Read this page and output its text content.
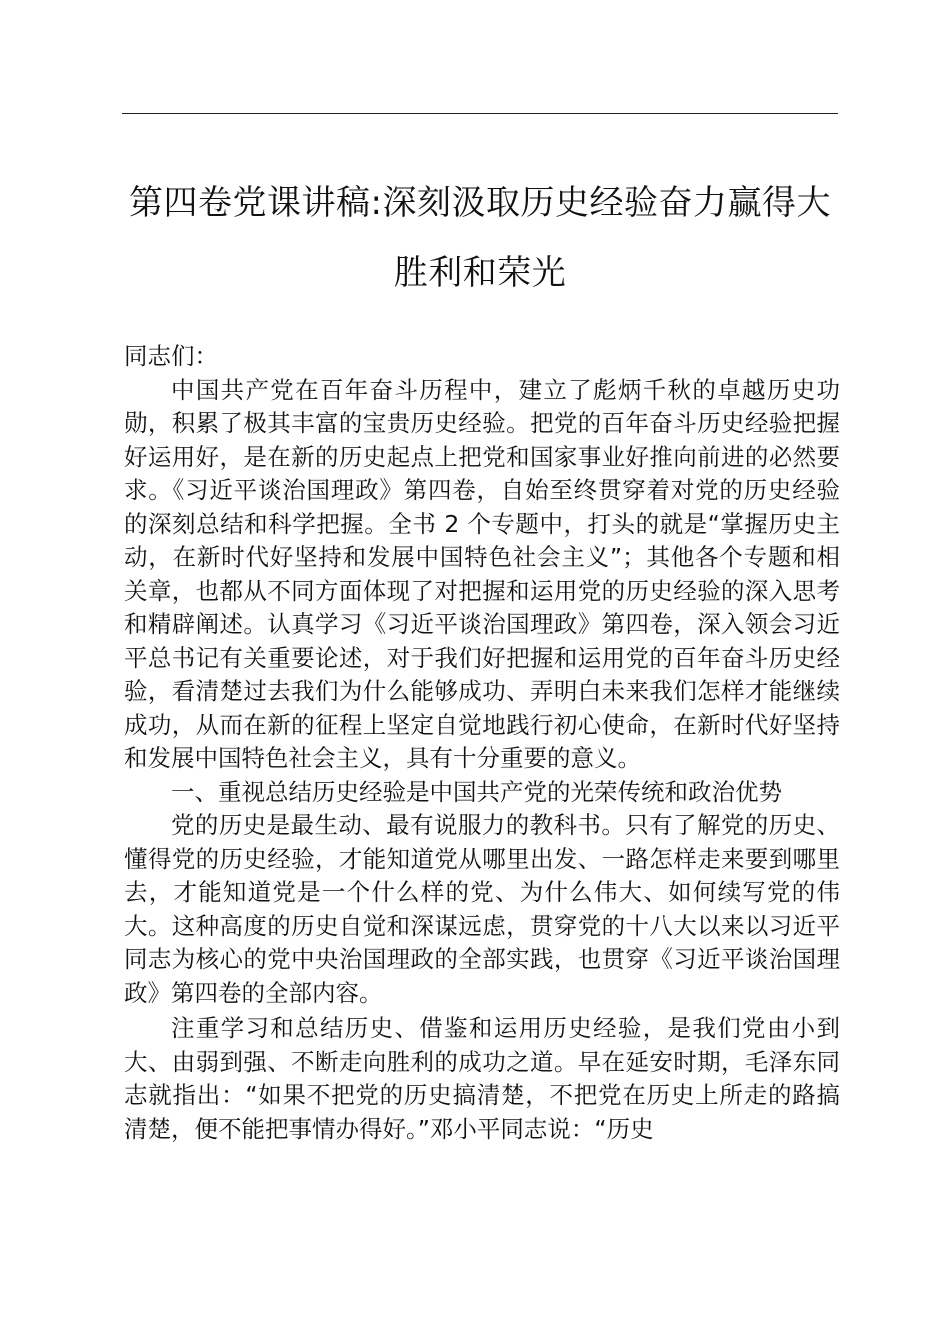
第四卷党课讲稿:深刻汲取历史经验奋力赢得大
胜利和荣光

同志们：

中国共产党在百年奋斗历程中，建立了彪炳千秋的卓越历史功勋，积累了极其丰富的宝贵历史经验。把党的百年奋斗历史经验把握好运用好，是在新的历史起点上把党和国家事业好推向前进的必然要求。《习近平谈治国理政》第四卷，自始至终贯穿着对党的历史经验的深刻总结和科学把握。全书 2 个专题中，打头的就是“掌握历史主动，在新时代好坚持和发展中国特色社会主义”；其他各个专题和相关章，也都从不同方面体现了对把握和运用党的历史经验的深入思考和精辟阐述。认真学习《习近平谈治国理政》第四卷，深入领会习近平总书记有关重要论述，对于我们好把握和运用党的百年奋斗历史经验，看清楚过去我们为什么能够成功、弄明白未来我们怎样才能继续成功，从而在新的征程上坚定自觉地践行初心使命，在新时代好坚持和发展中国特色社会主义，具有十分重要的意义。

一、重视总结历史经验是中国共产党的光荣传统和政治优势

党的历史是最生动、最有说服力的教科书。只有了解党的历史、懂得党的历史经验，才能知道党从哪里出发、一路怎样走来要到哪里去，才能知道党是一个什么样的党、为什么伟大、如何续写党的伟大。这种高度的历史自觉和深谋远虑，贯穿党的十八大以来以习近平同志为核心的党中央治国理政的全部实践，也贯穿《习近平谈治国理政》第四卷的全部内容。

注重学习和总结历史、借鉴和运用历史经验，是我们党由小到大、由弱到强、不断走向胜利的成功之道。早在延安时期，毛泽东同志就指出：“如果不把党的历史搞清楚，不把党在历史上所走的路搞清楚，便不能把事情办得好。”邓小平同志说：“历史
